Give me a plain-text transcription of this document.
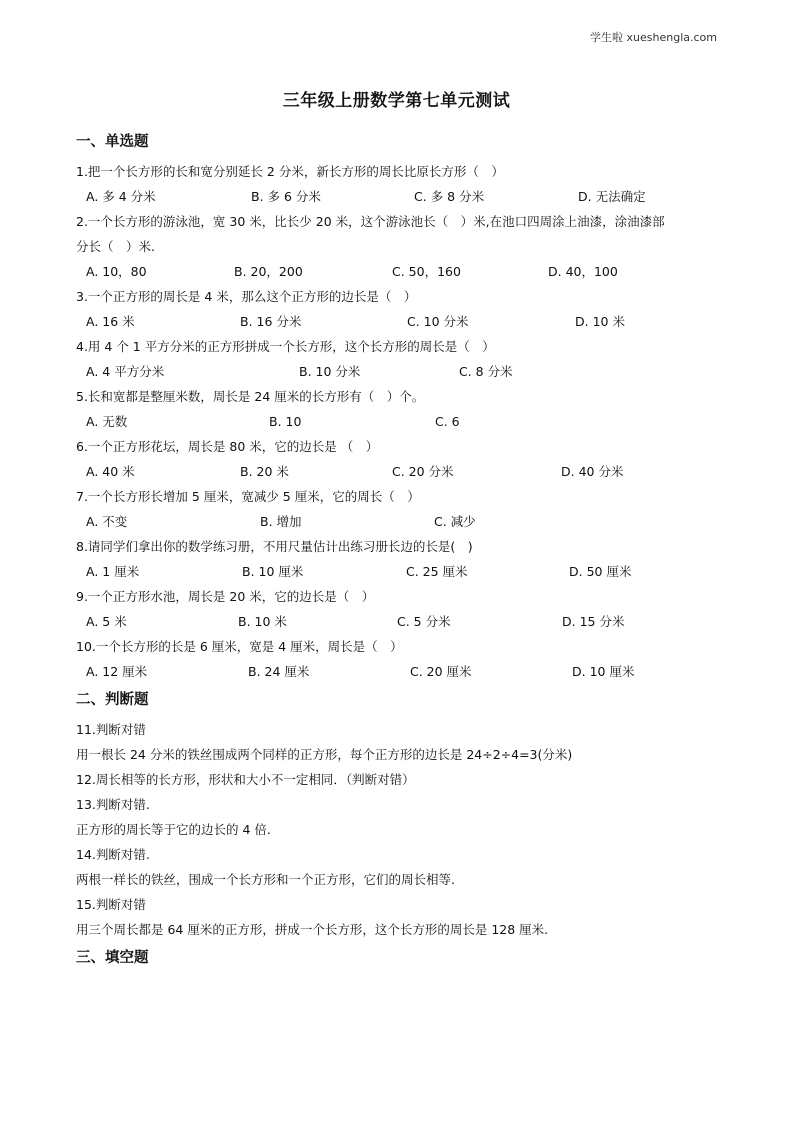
学生啦 xueshengla.com
三年级上册数学第七单元测试
一、单选题
1.把一个长方形的长和宽分别延长 2 分米，新长方形的周长比原长方形（　）
A. 多 4 分米	B. 多 6 分米	C. 多 8 分米	D. 无法确定
2.一个长方形的游泳池，宽 30 米，比长少 20 米，这个游泳池长（　）米,在池口四周涂上油漆，涂油漆部
分长（　）米.
A. 10，80	B. 20，200	C. 50，160	D. 40，100
3.一个正方形的周长是 4 米，那么这个正方形的边长是（　）
A. 16 米	B. 16 分米	C. 10 分米	D. 10 米
4.用 4 个 1 平方分米的正方形拼成一个长方形，这个长方形的周长是（　）
A. 4 平方分米	B. 10 分米	C. 8 分米
5.长和宽都是整厘米数，周长是 24 厘米的长方形有（　）个。
A. 无数	B. 10	C. 6
6.一个正方形花坛，周长是 80 米，它的边长是 （　）
A. 40 米	B. 20 米	C. 20 分米	D. 40 分米
7.一个长方形长增加 5 厘米，宽减少 5 厘米，它的周长（　）
A. 不变	B. 增加	C. 减少
8.请同学们拿出你的数学练习册，不用尺量估计出练习册长边的长是(　)
A. 1 厘米	B. 10 厘米	C. 25 厘米	D. 50 厘米
9.一个正方形水池，周长是 20 米，它的边长是（　）
A. 5 米	B. 10 米	C. 5 分米	D. 15 分米
10.一个长方形的长是 6 厘米，宽是 4 厘米，周长是（　）
A. 12 厘米	B. 24 厘米	C. 20 厘米	D. 10 厘米
二、判断题
11.判断对错
用一根长 24 分米的铁丝围成两个同样的正方形，每个正方形的边长是 24÷2÷4=3(分米)
12.周长相等的长方形，形状和大小不一定相同．（判断对错）
13.判断对错.
正方形的周长等于它的边长的 4 倍.
14.判断对错.
两根一样长的铁丝，围成一个长方形和一个正方形，它们的周长相等.
15.判断对错
用三个周长都是 64 厘米的正方形，拼成一个长方形，这个长方形的周长是 128 厘米.
三、填空题
